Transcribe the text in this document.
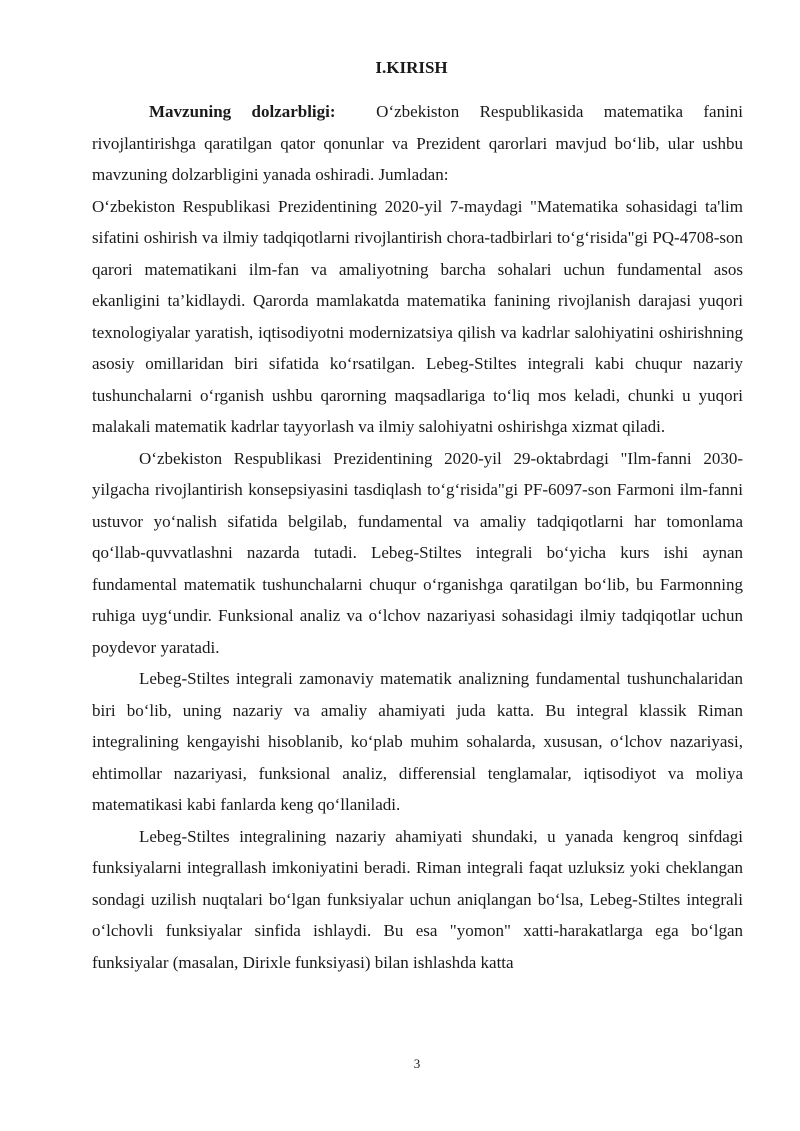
I.KIRISH

Mavzuning dolzarbligi: O‘zbekiston Respublikasida matematika fanini rivojlantirishga qaratilgan qator qonunlar va Prezident qarorlari mavjud bo‘lib, ular ushbu mavzuning dolzarbligini yanada oshiradi. Jumladan:

O‘zbekiston Respublikasi Prezidentining 2020-yil 7-maydagi "Matematika sohasidagi ta'lim sifatini oshirish va ilmiy tadqiqotlarni rivojlantirish chora-tadbirlari to‘g‘risida"gi PQ-4708-son qarori matematikani ilm-fan va amaliyotning barcha sohalari uchun fundamental asos ekanligini ta’kidlaydi. Qarorda mamlakatda matematika fanining rivojlanish darajasi yuqori texnologiyalar yaratish, iqtisodiyotni modernizatsiya qilish va kadrlar salohiyatini oshirishning asosiy omillaridan biri sifatida ko‘rsatilgan. Lebeg-Stiltes integrali kabi chuqur nazariy tushunchalarni o‘rganish ushbu qarorning maqsadlariga to‘liq mos keladi, chunki u yuqori malakali matematik kadrlar tayyorlash va ilmiy salohiyatni oshirishga xizmat qiladi.

O‘zbekiston Respublikasi Prezidentining 2020-yil 29-oktabrdagi "Ilm-fanni 2030-yilgacha rivojlantirish konsepsiyasini tasdiqlash to‘g‘risida"gi PF-6097-son Farmoni ilm-fanni ustuvor yo‘nalish sifatida belgilab, fundamental va amaliy tadqiqotlarni har tomonlama qo‘llab-quvvatlashni nazarda tutadi. Lebeg-Stiltes integrali bo‘yicha kurs ishi aynan fundamental matematik tushunchalarni chuqur o‘rganishga qaratilgan bo‘lib, bu Farmonning ruhiga uyg‘undir. Funksional analiz va o‘lchov nazariyasi sohasidagi ilmiy tadqiqotlar uchun poydevor yaratadi.

Lebeg-Stiltes integrali zamonaviy matematik analizning fundamental tushunchalaridan biri bo‘lib, uning nazariy va amaliy ahamiyati juda katta. Bu integral klassik Riman integralining kengayishi hisoblanib, ko‘plab muhim sohalarda, xususan, o‘lchov nazariyasi, ehtimollar nazariyasi, funksional analiz, differensial tenglamalar, iqtisodiyot va moliya matematikasi kabi fanlarda keng qo‘llaniladi.

Lebeg-Stiltes integralining nazariy ahamiyati shundaki, u yanada kengroq sinfdagi funksiyalarni integrallash imkoniyatini beradi. Riman integrali faqat uzluksiz yoki cheklangan sondagi uzilish nuqtalari bo‘lgan funksiyalar uchun aniqlangan bo‘lsa, Lebeg-Stiltes integrali o‘lchovli funksiyalar sinfida ishlaydi. Bu esa "yomon" xatti-harakatlarga ega bo‘lgan funksiyalar (masalan, Dirixle funksiyasi) bilan ishlashda katta

3
